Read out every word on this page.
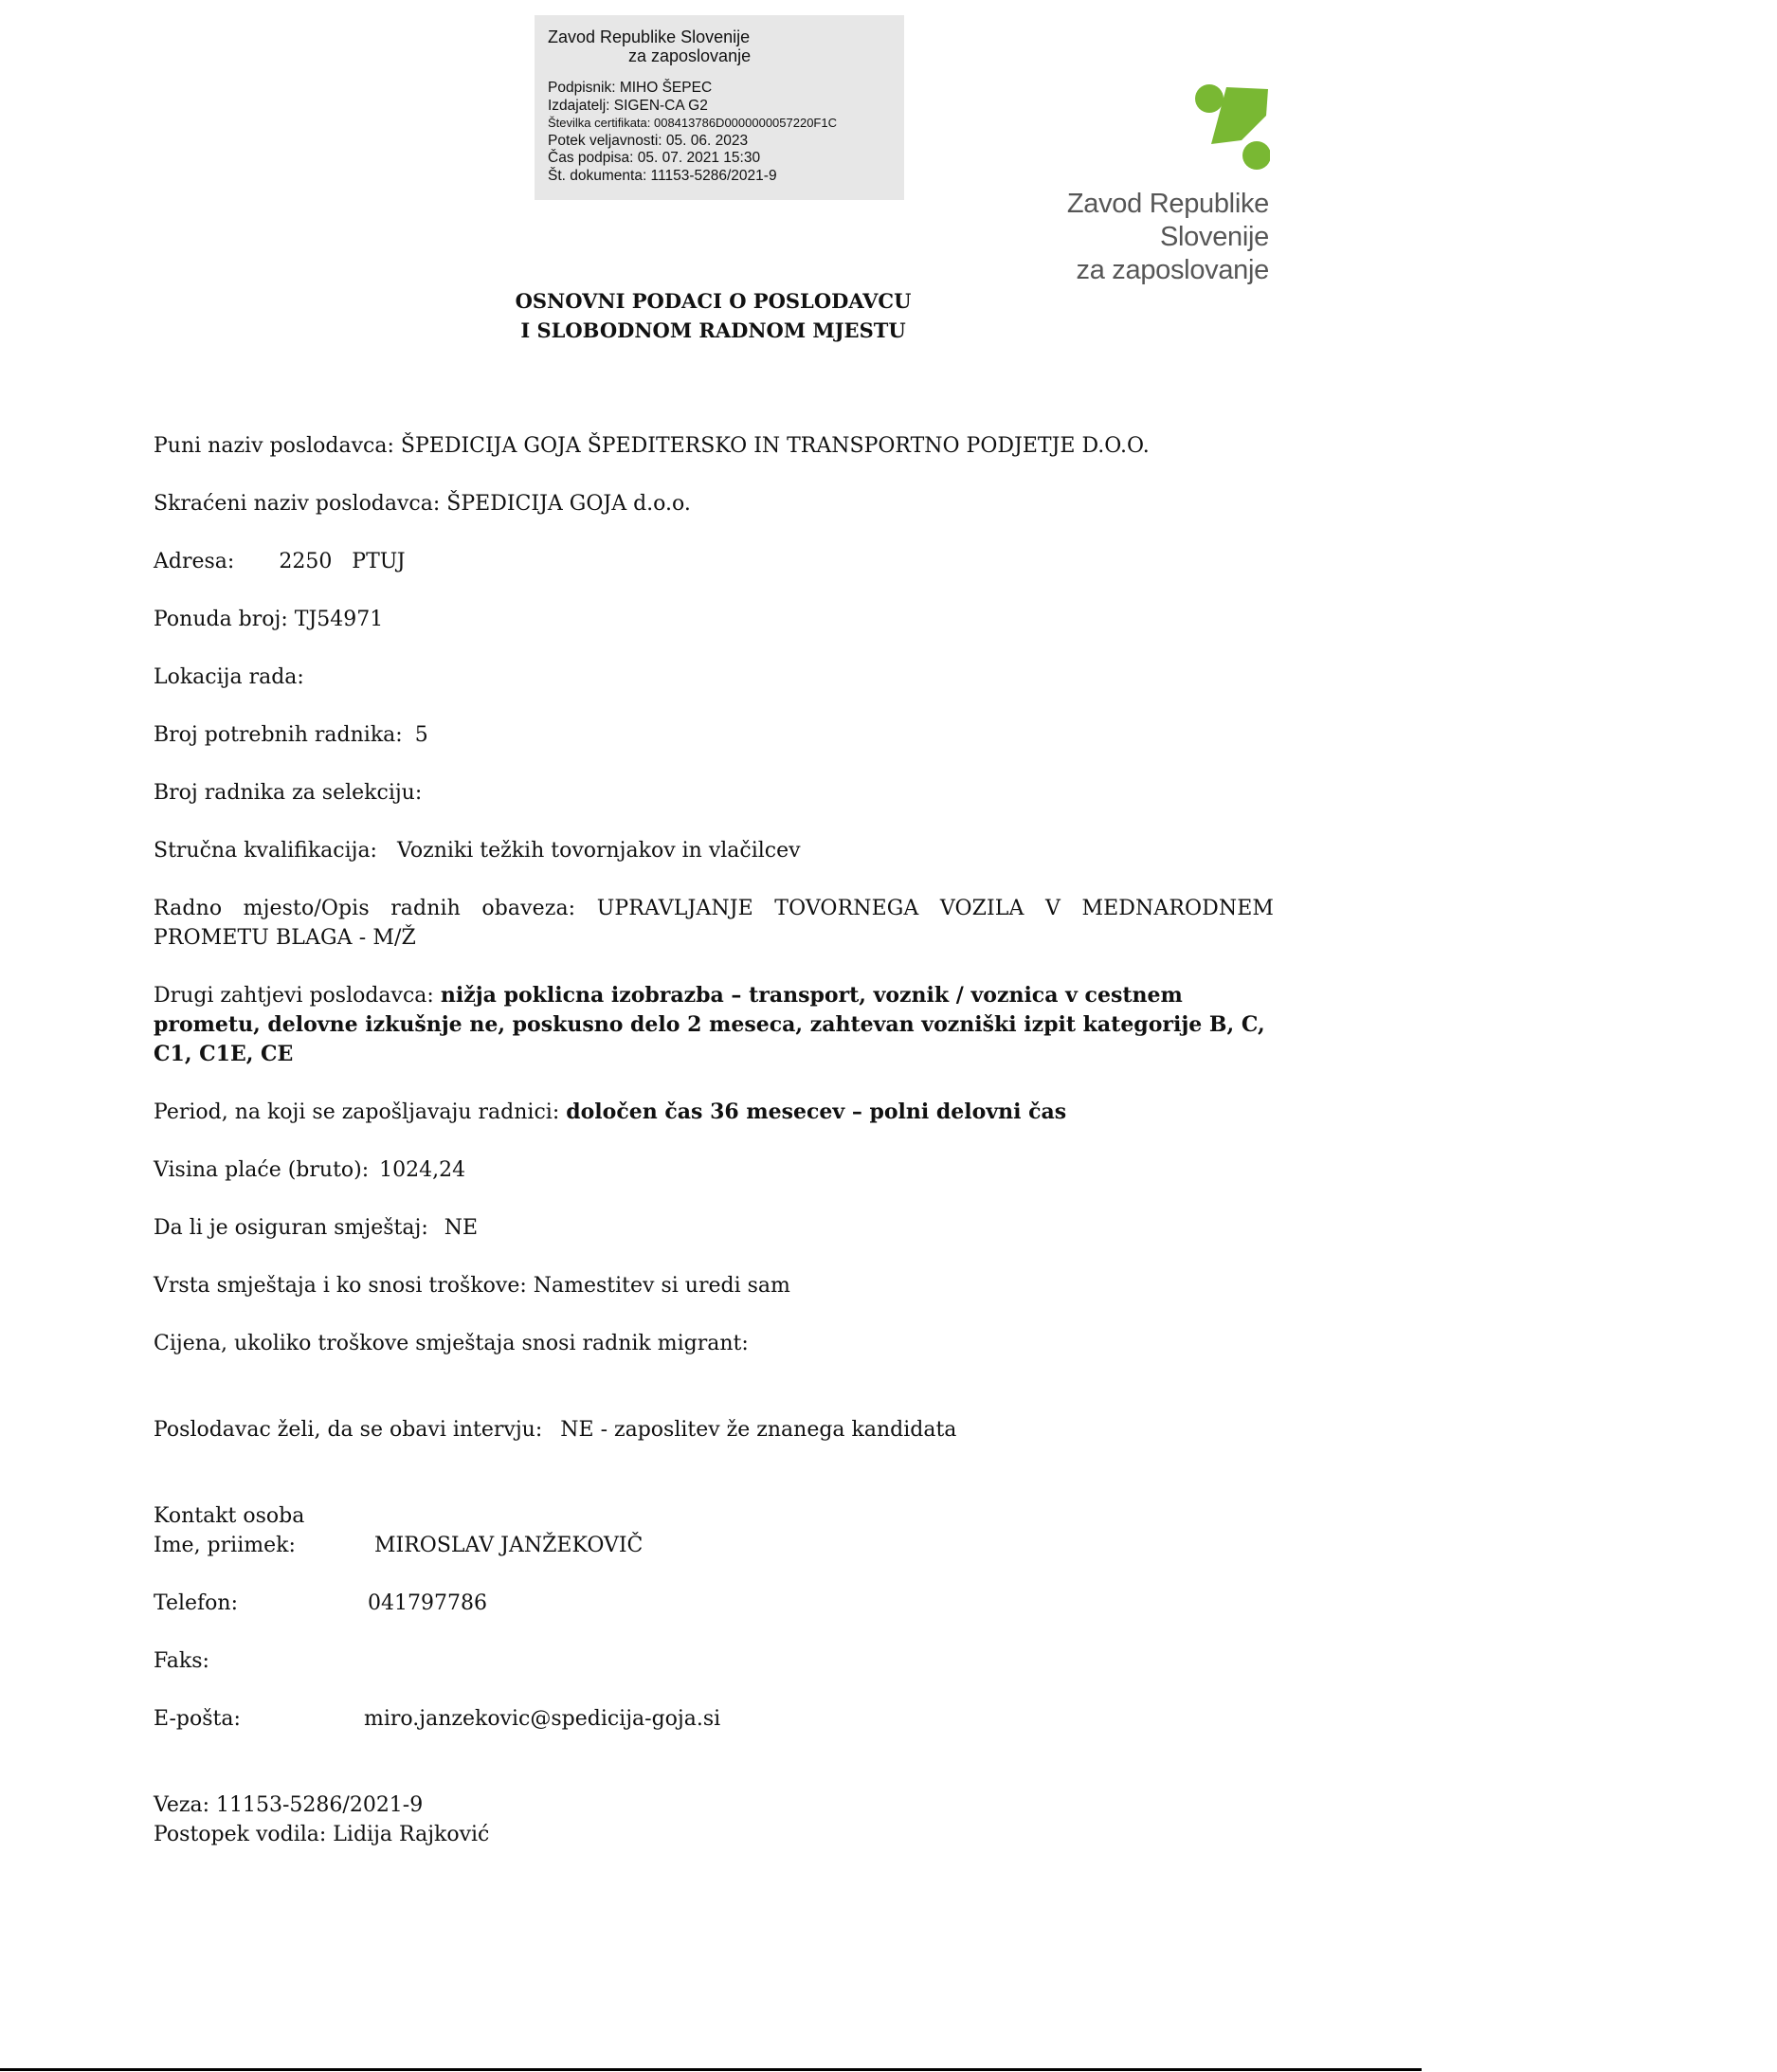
Zavod Republike Slovenije
za zaposlovanje
Podpisnik: MIHO ŠEPEC
Izdajatelj: SIGEN-CA G2
Številka certifikata: 008413786D0000000057220F1C
Potek veljavnosti: 05. 06. 2023
Čas podpisa: 05. 07. 2021 15:30
Št. dokumenta: 11153-5286/2021-9
Zavod Republike Slovenije
za zaposlovanje
OSNOVNI PODACI O POSLODAVCU
I SLOBODNOM RADNOM MJESTU

Puni naziv poslodavca: ŠPEDICIJA GOJA ŠPEDITERSKO IN TRANSPORTNO PODJETJE D.O.O.

Skraćeni naziv poslodavca: ŠPEDICIJA GOJA d.o.o.

Adresa: 2250   PTUJ

Ponuda broj: TJ54971

Lokacija rada:

Broj potrebnih radnika: 5

Broj radnika za selekciju:

Stručna kvalifikacija: Vozniki težkih tovornjakov in vlačilcev

Radno mjesto/Opis radnih obaveza: UPRAVLJANJE TOVORNEGA VOZILA V MEDNARODNEM PROMETU BLAGA - M/Ž

Drugi zahtjevi poslodavca: nižja poklicna izobrazba – transport, voznik / voznica v cestnem prometu, delovne izkušnje ne, poskusno delo 2 meseca, zahtevan vozniški izpit kategorije B, C, C1, C1E, CE

Period, na koji se zapošljavaju radnici: določen čas 36 mesecev – polni delovni čas

Visina plaće (bruto): 1024,24

Da li je osiguran smještaj: NE

Vrsta smještaja i ko snosi troškove: Namestitev si uredi sam

Cijena, ukoliko troškove smještaja snosi radnik migrant:

Poslodavac želi, da se obavi intervju: NE - zaposlitev že znanega kandidata

Kontakt osoba

Ime, priimek:	MIROSLAV JANŽEKOVIČ

Telefon:	041797786

Faks:

E-pošta:	miro.janzekovic@spedicija-goja.si

Veza: 11153-5286/2021-9

Postopek vodila: Lidija Rajković
